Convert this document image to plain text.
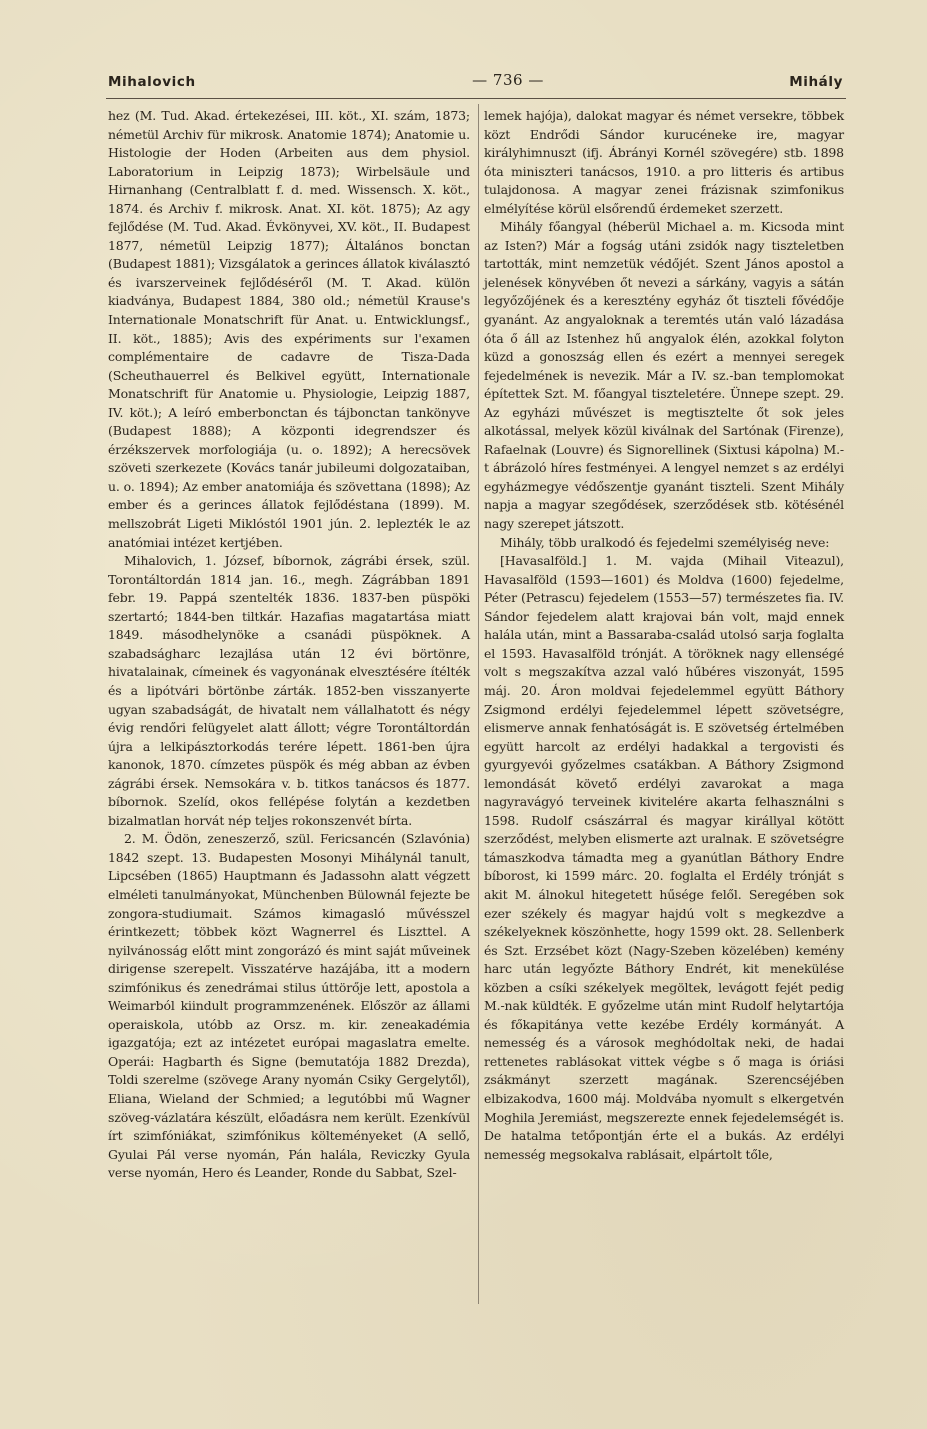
Mihalovich	— 736 —	Mihály

hez (M. Tud. Akad. értekezései, III. köt., XI. szám, 1873; németül Archiv für mikrosk. Anatomie 1874); Anatomie u. Histologie der Hoden (Arbeiten aus dem physiol. Laboratorium in Leipzig 1873); Wirbelsäule und Hirnanhang (Centralblatt f. d. med. Wissensch. X. köt., 1874. és Archiv f. mikrosk. Anat. XI. köt. 1875); Az agy fejlődése (M. Tud. Akad. Évkönyvei, XV. köt., II. Budapest 1877, németül Leipzig 1877); Általános bonctan (Budapest 1881); Vizsgálatok a gerinces állatok kiválasztó és ivarszerveinek fejlődéséről (M. T. Akad. külön kiadványa, Budapest 1884, 380 old.; németül Krause's Internationale Monatschrift für Anat. u. Entwicklungsf., II. köt., 1885); Avis des expériments sur l'examen complémentaire de cadavre de Tisza-Dada (Scheuthauerrel és Belkivel együtt, Internationale Monatschrift für Anatomie u. Physiologie, Leipzig 1887, IV. köt.); A leíró emberbonctan és tájbonctan tankönyve (Budapest 1888); A központi idegrendszer és érzékszervek morfologiája (u. o. 1892); A herecsövek szöveti szerkezete (Kovács tanár jubileumi dolgozataiban, u. o. 1894); Az ember anatomiája és szövettana (1898); Az ember és a gerinces állatok fejlődéstana (1899). M. mellszobrát Ligeti Miklóstól 1901 jún. 2. leplezték le az anatómiai intézet kertjében.

Mihalovich, 1. József, bíbornok, zágrábi érsek, szül. Torontáltordán 1814 jan. 16., megh. Zágrábban 1891 febr. 19. Pappá szentelték 1836. 1837-ben püspöki szertartó; 1844-ben tiltkár. Hazafias magatartása miatt 1849. másodhelynöke a csanádi püspöknek. A szabadságharc lezajlása után 12 évi börtönre, hivatalainak, címeinek és vagyonának elvesztésére ítélték és a lipótvári börtönbe zárták. 1852-ben visszanyerte ugyan szabadságát, de hivatalt nem vállalhatott és négy évig rendőri felügyelet alatt állott; végre Torontáltordán újra a lelkipásztorkodás terére lépett. 1861-ben újra kanonok, 1870. címzetes püspök és még abban az évben zágrábi érsek. Nemsokára v. b. titkos tanácsos és 1877. bíbornok. Szelíd, okos fellépése folytán a kezdetben bizalmatlan horvát nép teljes rokonszenvét bírta.

2. M. Ödön, zeneszerző, szül. Fericsancén (Szlavónia) 1842 szept. 13. Budapesten Mosonyi Mihálynál tanult, Lipcsében (1865) Hauptmann és Jadassohn alatt végzett elméleti tanulmányokat, Münchenben Bülownál fejezte be zongora-studiumait. Számos kimagasló művésszel érintkezett; többek közt Wagnerrel és Liszttel. A nyilvánosság előtt mint zongorázó és mint saját műveinek dirigense szerepelt. Visszatérve hazájába, itt a modern szimfónikus és zenedrámai stilus úttörője lett, apostola a Weimarból kiindult programmzenének. Először az állami operaiskola, utóbb az Orsz. m. kir. zeneakadémia igazgatója; ezt az intézetet európai magaslatra emelte. Operái: Hagbarth és Signe (bemutatója 1882 Drezda), Toldi szerelme (szövege Arany nyomán Csiky Gergelytől), Eliana, Wieland der Schmied; a legutóbbi mű Wagner szöveg-vázlatára készült, előadásra nem került. Ezenkívül írt szimfóniákat, szimfónikus költeményeket (A sellő, Gyulai Pál verse nyomán, Pán halála, Reviczky Gyula verse nyomán, Hero és Leander, Ronde du Sabbat, Szel-

lemek hajója), dalokat magyar és német versekre, többek közt Endrődi Sándor kurucéneke ire, magyar királyhimnuszt (ifj. Ábrányi Kornél szövegére) stb. 1898 óta miniszteri tanácsos, 1910. a pro litteris és artibus tulajdonosa. A magyar zenei frázisnak szimfonikus elmélyítése körül elsőrendű érdemeket szerzett.

Mihály főangyal (héberül Michael a. m. Kicsoda mint az Isten?) Már a fogság utáni zsidók nagy tiszteletben tartották, mint nemzetük védőjét. Szent János apostol a jelenések könyvében őt nevezi a sárkány, vagyis a sátán legyőzőjének és a keresztény egyház őt tiszteli fővédője gyanánt. Az angyaloknak a teremtés után való lázadása óta ő áll az Istenhez hű angyalok élén, azokkal folyton küzd a gonoszság ellen és ezért a mennyei seregek fejedelmének is nevezik. Már a IV. sz.-ban templomokat építettek Szt. M. főangyal tiszteletére. Ünnepe szept. 29. Az egyházi művészet is megtisztelte őt sok jeles alkotással, melyek közül kiválnak del Sartónak (Firenze), Rafaelnak (Louvre) és Signorellinek (Sixtusi kápolna) M.-t ábrázoló híres festményei. A lengyel nemzet s az erdélyi egyházmegye védőszentje gyanánt tiszteli. Szent Mihály napja a magyar szegődések, szerződések stb. kötésénél nagy szerepet játszott.

Mihály, több uralkodó és fejedelmi személyiség neve:

[Havasalföld.] 1. M. vajda (Mihail Viteazul), Havasalföld (1593—1601) és Moldva (1600) fejedelme, Péter (Petrascu) fejedelem (1553—57) természetes fia. IV. Sándor fejedelem alatt krajovai bán volt, majd ennek halála után, mint a Bassaraba-család utolsó sarja foglalta el 1593. Havasalföld trónját. A töröknek nagy ellenségé volt s megszakítva azzal való hűbéres viszonyát, 1595 máj. 20. Áron moldvai fejedelemmel együtt Báthory Zsigmond erdélyi fejedelemmel lépett szövetségre, elismerve annak fenhatóságát is. E szövetség értelmében együtt harcolt az erdélyi hadakkal a tergovisti és gyurgyevói győzelmes csatákban. A Báthory Zsigmond lemondását követő erdélyi zavarokat a maga nagyravágyó terveinek kivitelére akarta felhasználni s 1598. Rudolf császárral és magyar királlyal kötött szerződést, melyben elismerte azt uralnak. E szövetségre támaszkodva támadta meg a gyanútlan Báthory Endre bíborost, ki 1599 márc. 20. foglalta el Erdély trónját s akit M. álnokul hitegetett hűsége felől. Seregében sok ezer székely és magyar hajdú volt s megkezdve a székelyeknek köszönhette, hogy 1599 okt. 28. Sellenberk és Szt. Erzsébet közt (Nagy-Szeben közelében) kemény harc után legyőzte Báthory Endrét, kit menekülése közben a csíki székelyek megöltek, levágott fejét pedig M.-nak küldték. E győzelme után mint Rudolf helytartója és főkapitánya vette kezébe Erdély kormányát. A nemesség és a városok meghódoltak neki, de hadai rettenetes rablásokat vittek végbe s ő maga is óriási zsákmányt szerzett magának. Szerencséjében elbizakodva, 1600 máj. Moldvába nyomult s elkergetvén Moghila Jeremiást, megszerezte ennek fejedelemségét is. De hatalma tetőpontján érte el a bukás. Az erdélyi nemesség megsokalva rablásait, elpártolt tőle,
